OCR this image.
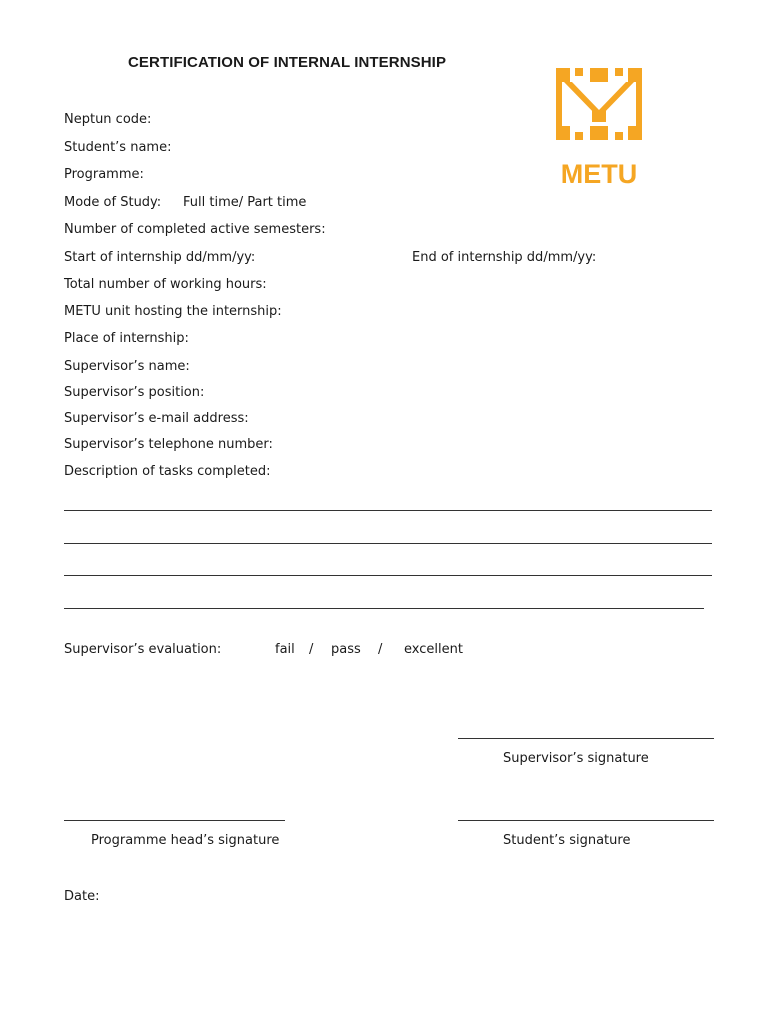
CERTIFICATION OF INTERNAL INTERNSHIP
METU
Neptun code:
Student’s name:
Programme:
Mode of Study: Full time/ Part time
Number of completed active semesters:
Start of internship dd/mm/yy:	End of internship dd/mm/yy:
Total number of working hours:
METU unit hosting the internship:
Place of internship:
Supervisor’s name:
Supervisor’s position:
Supervisor’s e-mail address:
Supervisor’s telephone number:
Description of tasks completed:
Supervisor’s evaluation:	fail / pass / excellent
Supervisor’s signature
Programme head’s signature	Student’s signature
Date:
